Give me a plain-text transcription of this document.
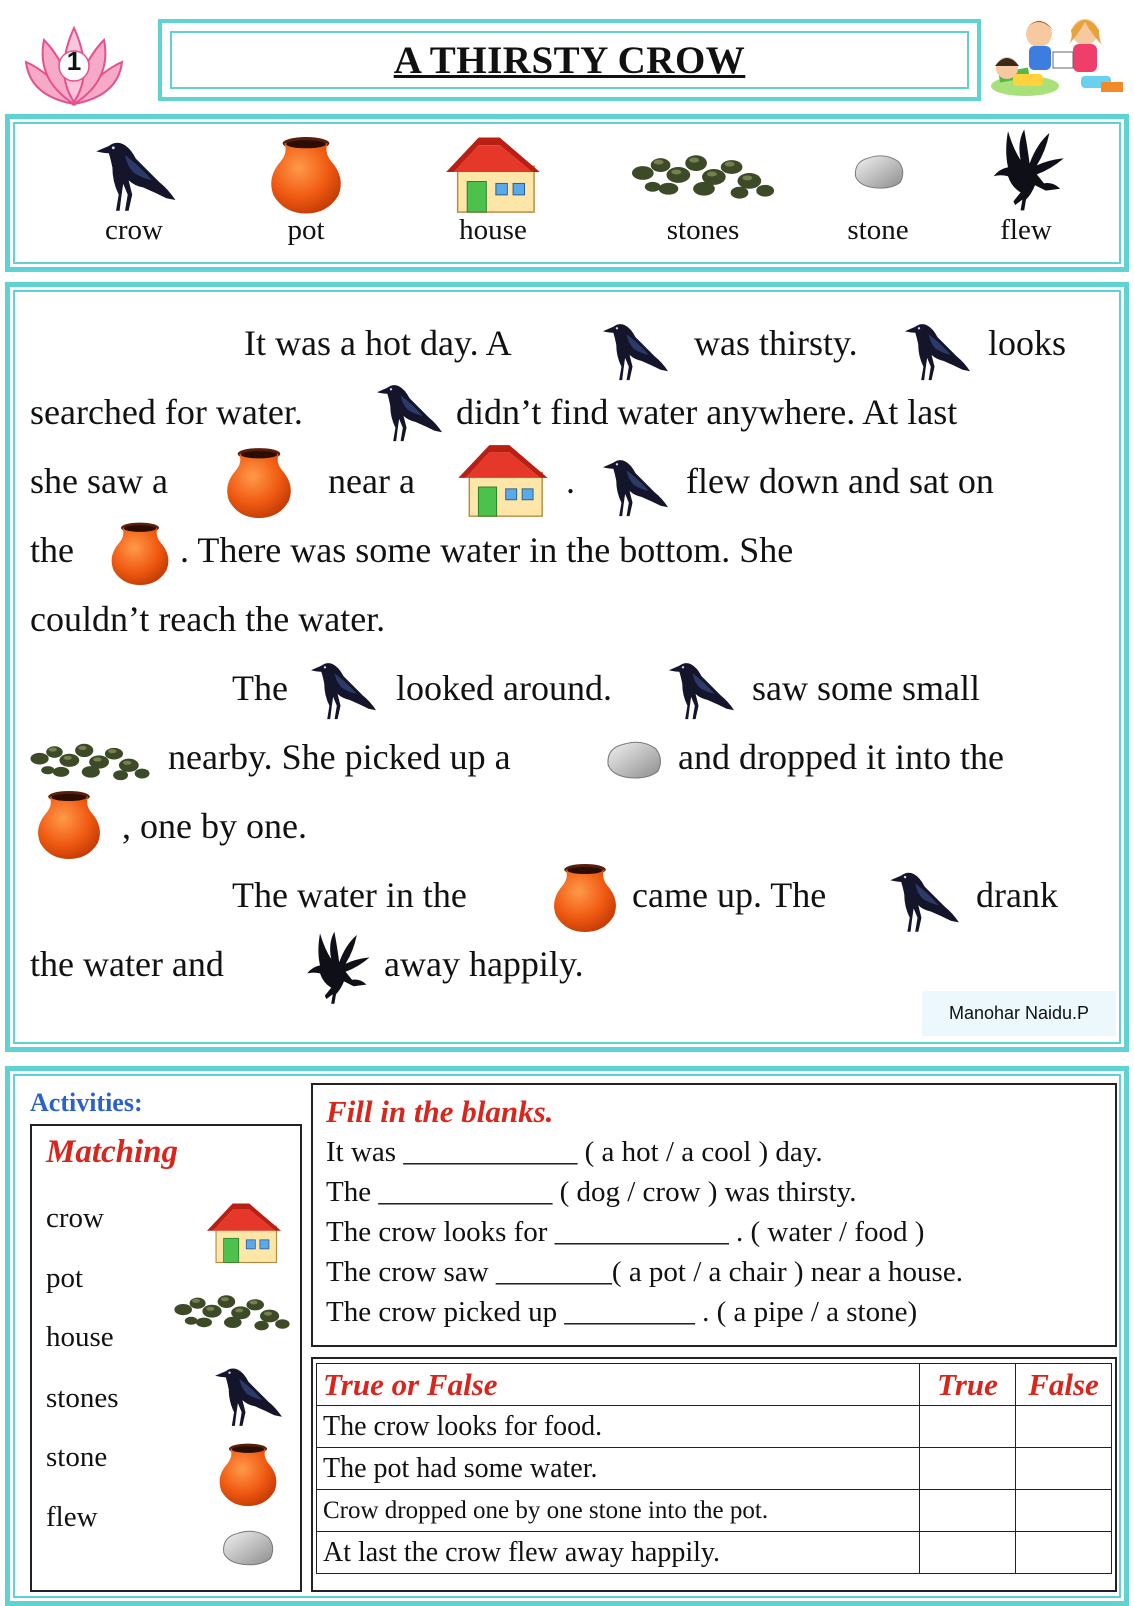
1	A THIRSTY CROW
crow	pot	house	stones	stone	flew
It was a hot day. A	was thirsty.	looks
searched for water.	didn’t find water anywhere. At last
she saw a	near a	.	flew down and sat on
the	. There was some water in the bottom. She
couldn’t reach the water.
The	looked around.	saw some small
nearby. She picked up a	and dropped it into the
, one by one.
The water in the	came up. The	drank
the water and	away happily.
Manohar Naidu.P
Activities:
Matching
crow
pot
house
stones
stone
flew
Fill in the blanks.
It was ____________ ( a hot / a cool ) day.
The ____________ ( dog / crow ) was thirsty.
The crow looks for ____________ . ( water / food )
The crow saw ________( a pot / a chair ) near a house.
The crow picked up _________ . ( a pipe / a stone)
True or False	True	False
The crow looks for food.		
The pot had some water.		
Crow dropped one by one stone into the pot.		
At last the crow flew away happily.		
